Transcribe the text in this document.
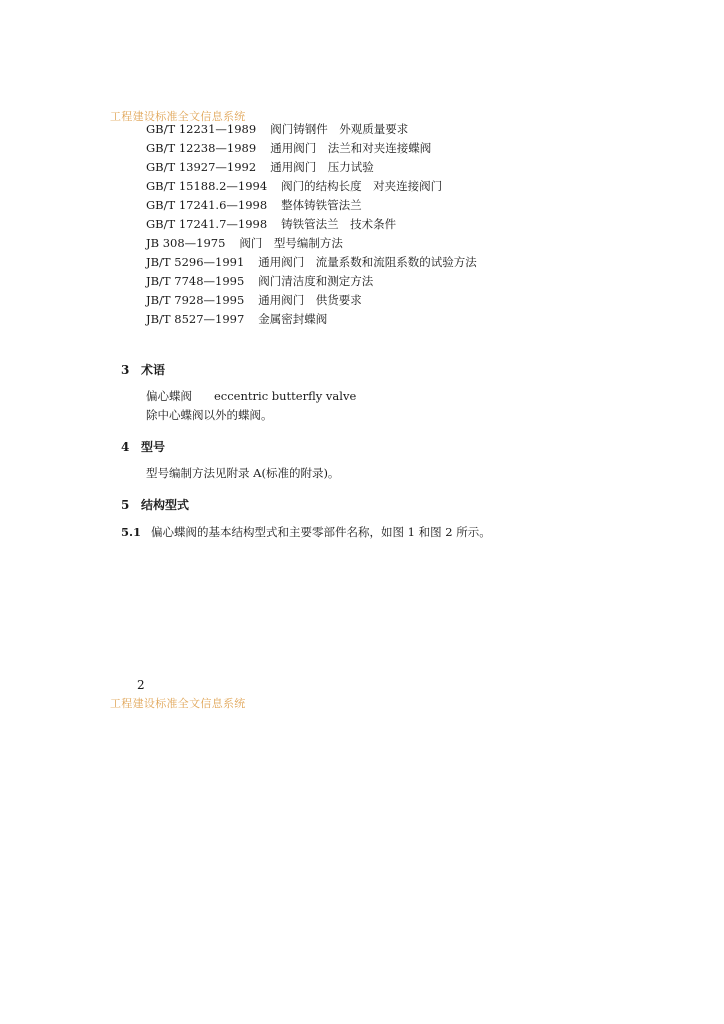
工程建设标准全文信息系统
GB/T 12231—1989 阀门铸钢件　外观质量要求
GB/T 12238—1989 通用阀门　法兰和对夹连接蝶阀
GB/T 13927—1992 通用阀门　压力试验
GB/T 15188.2—1994 阀门的结构长度　对夹连接阀门
GB/T 17241.6—1998 整体铸铁管法兰
GB/T 17241.7—1998 铸铁管法兰　技术条件
JB 308—1975 阀门　型号编制方法
JB/T 5296—1991 通用阀门　流量系数和流阻系数的试验方法
JB/T 7748—1995 阀门清洁度和测定方法
JB/T 7928—1995 通用阀门　供货要求
JB/T 8527—1997 金属密封蝶阀
3 术语
偏心蝶阀 eccentric butterfly valve
除中心蝶阀以外的蝶阀。
4 型号
型号编制方法见附录 A(标准的附录)。
5 结构型式
5.1 偏心蝶阀的基本结构型式和主要零部件名称，如图 1 和图 2 所示。
2
工程建设标准全文信息系统
